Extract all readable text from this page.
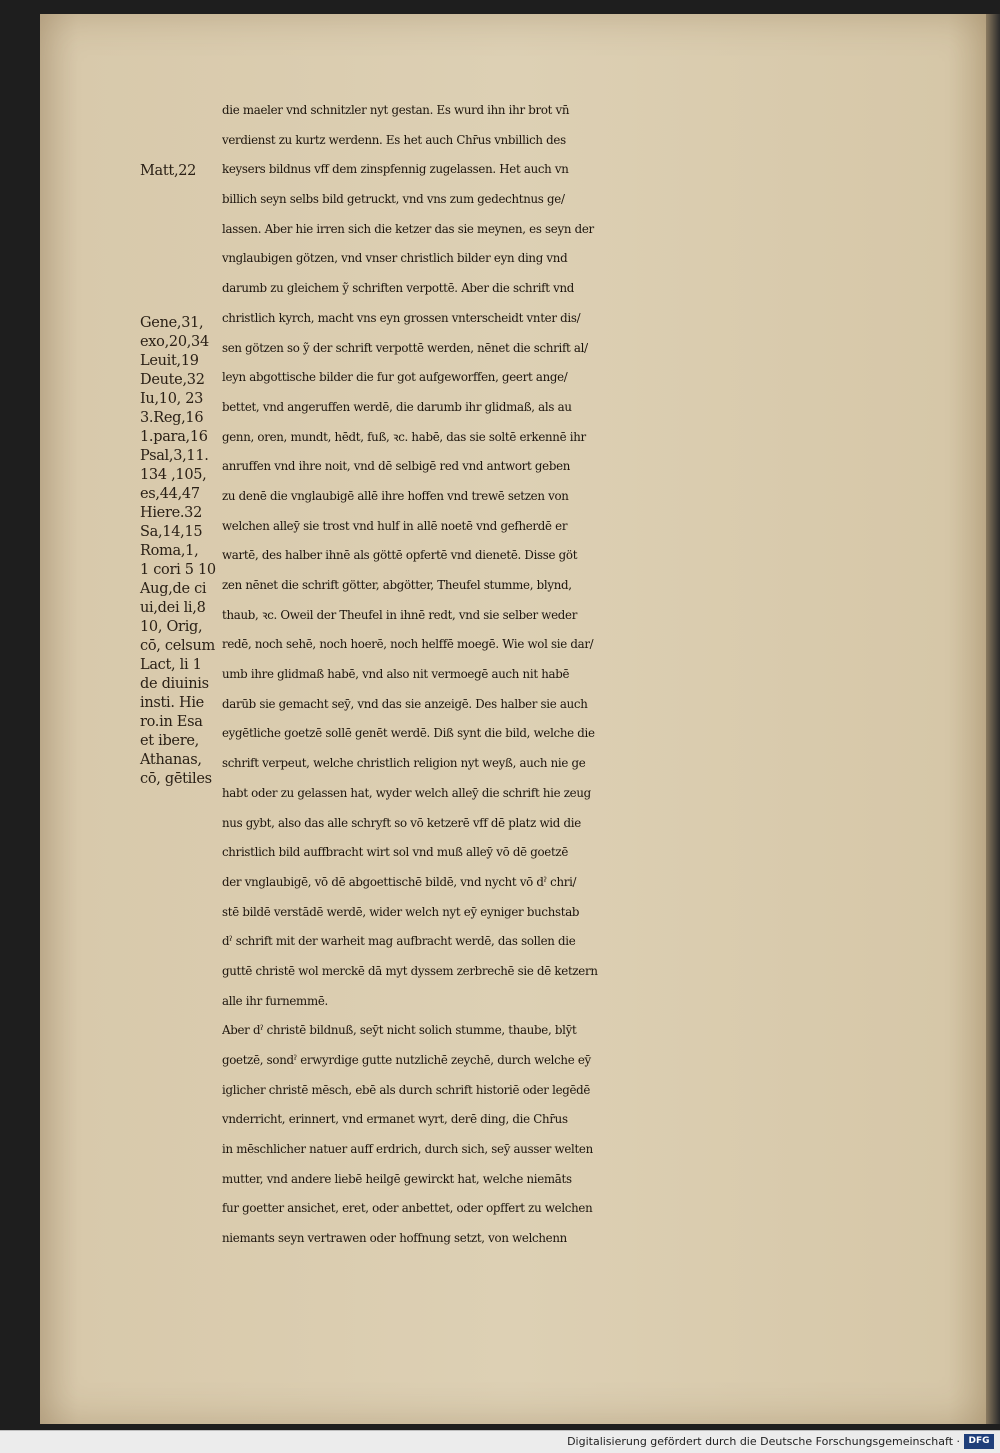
Matt,22
Gene,31,
exo,20,34
Leuit,19
Deute,32
Iu,10, 23
3.Reg,16
1.para,16
Psal,3,11.
134 ,105,
es,44,47
Hiere.32
Sa,14,15
Roma,1,
1 cori 5 10
Aug,de ci
ui,dei li,8
10, Orig,
cō, celsum
Lact, li 1
de diuinis
insti. Hie
ro.in Esa
et ibere,
Athanas,
cō, gētiles
die maeler vnd schnitzler nyt gestan. Es wurd ihn ihr brot vn̄
verdienst zu kurtz werdenn. Es het auch Chr̄us vnbillich des
keysers bildnus vff dem zinspfennig zugelassen. Het auch vn
billich seyn selbs bild getruckt, vnd vns zum gedechtnus ge/
lassen. Aber hie irren sich die ketzer das sie meynen, es seyn der
vnglaubigen götzen, vnd vnser christlich bilder eyn ding vnd
darumb zu gleichem ỹ schriften verpottē. Aber die schrift vnd
christlich kyrch, macht vns eyn grossen vnterscheidt vnter dis/
sen götzen so ỹ der schrift verpottē werden, nēnet die schrift al/
leyn abgottische bilder die fur got aufgeworffen, geert ange/
bettet, vnd angeruffen werdē, die darumb ihr glidmaß, als au
genn, oren, mundt, hēdt, fuß, ꝛc. habē, das sie soltē erkennē ihr
anruffen vnd ihre noit, vnd dē selbigē red vnd antwort geben
zu denē die vnglaubigē allē ihre hoffen vnd trewē setzen von
welchen alleȳ sie trost vnd hulf in allē noetē vnd gefherdē er
wartē, des halber ihnē als göttē opfertē vnd dienetē. Disse göt
zen nēnet die schrift götter, abgötter, Theufel stumme, blynd,
thaub, ꝛc. Oweil der Theufel in ihnē redt, vnd sie selber weder
redē, noch sehē, noch hoerē, noch helffē moegē. Wie wol sie dar/
umb ihre glidmaß habē, vnd also nit vermoegē auch nit habē
darūb sie gemacht seȳ, vnd das sie anzeigē. Des halber sie auch
eygētliche goetzē sollē genēt werdē. Diß synt die bild, welche die
schrift verpeut, welche christlich religion nyt weyß, auch nie ge
habt oder zu gelassen hat, wyder welch alleȳ die schrift hie zeug
nus gybt, also das alle schryft so vō ketzerē vff dē platz wid die
christlich bild auffbracht wirt sol vnd muß alleȳ vō dē goetzē
der vnglaubigē, vō dē abgoettischē bildē, vnd nycht vō dˀ chri/
stē bildē verstādē werdē, wider welch nyt eȳ eyniger buchstab
dˀ schrift mit der warheit mag aufbracht werdē, das sollen die
guttē christē wol merckē dā myt dyssem zerbrechē sie dē ketzern
alle ihr furnemmē.
Aber dˀ christē bildnuß, seȳt nicht solich stumme, thaube, blȳt
goetzē, sondˀ erwyrdige gutte nutzlichē zeychē, durch welche eȳ
iglicher christē mēsch, ebē als durch schrift historiē oder legēdē
vnderricht, erinnert, vnd ermanet wyrt, derē ding, die Chr̄us
in mēschlicher natuer auff erdrich, durch sich, seȳ ausser welten
mutter, vnd andere liebē heilgē gewirckt hat, welche niemāts
fur goetter ansichet, eret, oder anbettet, oder opffert zu welchen
niemants seyn vertrawen oder hoffnung setzt, von welchenn
Digitalisierung gefördert durch die Deutsche Forschungsgemeinschaft · DFG
